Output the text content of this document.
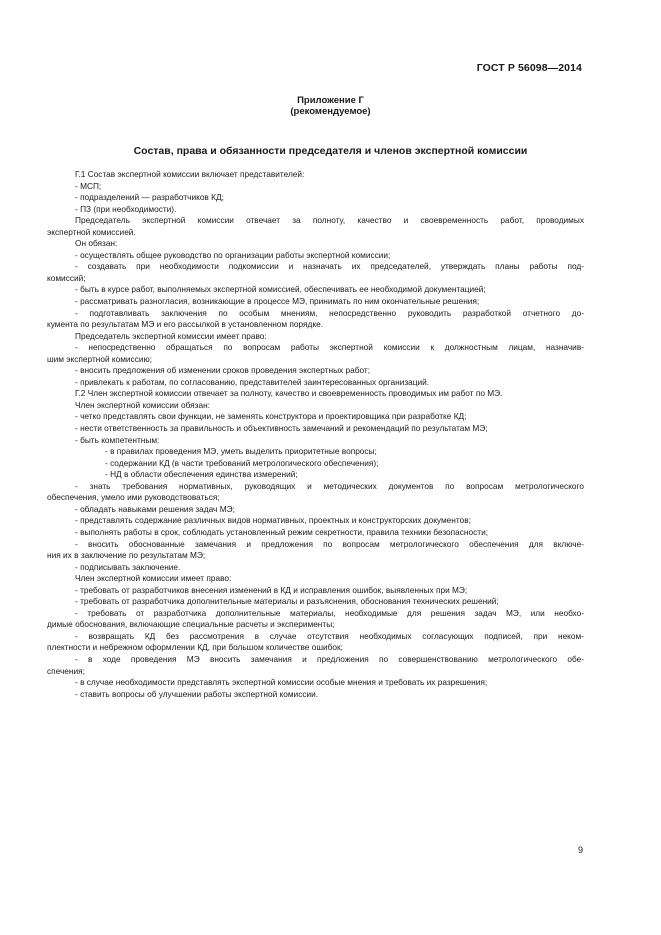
ГОСТ Р 56098—2014
Приложение Г
(рекомендуемое)
Состав, права и обязанности председателя и членов экспертной комиссии
Г.1 Состав экспертной комиссии включает представителей:
- МСП;
- подразделений — разработчиков КД;
- ПЗ (при необходимости).
Председатель экспертной комиссии отвечает за полноту, качество и своевременность работ, проводимых
экспертной комиссией.
Он обязан:
- осуществлять общее руководство по организации работы экспертной комиссии;
- создавать при необходимости подкомиссии и назначать их председателей, утверждать планы работы под-
комиссий;
- быть в курсе работ, выполняемых экспертной комиссией, обеспечивать ее необходимой документацией;
- рассматривать разногласия, возникающие в процессе МЭ, принимать по ним окончательные решения;
- подготавливать заключения по особым мнениям, непосредственно руководить разработкой отчетного до-
кумента по результатам МЭ и его рассылкой в установленном порядке.
Председатель экспертной комиссии имеет право:
- непосредственно обращаться по вопросам работы экспертной комиссии к должностным лицам, назначив-
шим экспертной комиссию;
- вносить предложения об изменении сроков проведения экспертных работ;
- привлекать к работам, по согласованию, представителей заинтересованных организаций.
Г.2 Член экспертной комиссии отвечает за полноту, качество и своевременность проводимых им работ по МЭ.
Член экспертной комиссии обязан:
- четко представлять свои функции, не заменять конструктора и проектировщика при разработке КД;
- нести ответственность за правильность и объективность замечаний и рекомендаций по результатам МЭ;
- быть компетентным:
- в правилах проведения МЭ, уметь выделить приоритетные вопросы;
- содержании КД (в части требований метрологического обеспечения);
- НД в области обеспечения единства измерений;
- знать требования нормативных, руководящих и методических документов по вопросам метрологического
обеспечения, умело ими руководствоваться;
- обладать навыками решения задач МЭ;
- представлять содержание различных видов нормативных, проектных и конструкторских документов;
- выполнять работы в срок, соблюдать установленный режим секретности, правила техники безопасности;
- вносить обоснованные замечания и предложения по вопросам метрологического обеспечения для включе-
ния их в заключение по результатам МЭ;
- подписывать заключение.
Член экспертной комиссии имеет право:
- требовать от разработчиков внесения изменений в КД и исправления ошибок, выявленных при МЭ;
- требовать от разработчика дополнительные материалы и разъяснения, обоснования технических решений;
- требовать от разработчика дополнительные материалы, необходимые для решения задач МЭ, или необхо-
димые обоснования, включающие специальные расчеты и эксперименты;
- возвращать КД без рассмотрения в случае отсутствия необходимых согласующих подписей, при неком-
плектности и небрежном оформлении КД, при большом количестве ошибок;
- в ходе проведения МЭ вносить замечания и предложения по совершенствованию метрологического обе-
спечения;
- в случае необходимости представлять экспертной комиссии особые мнения и требовать их разрешения;
- ставить вопросы об улучшении работы экспертной комиссии.
9
